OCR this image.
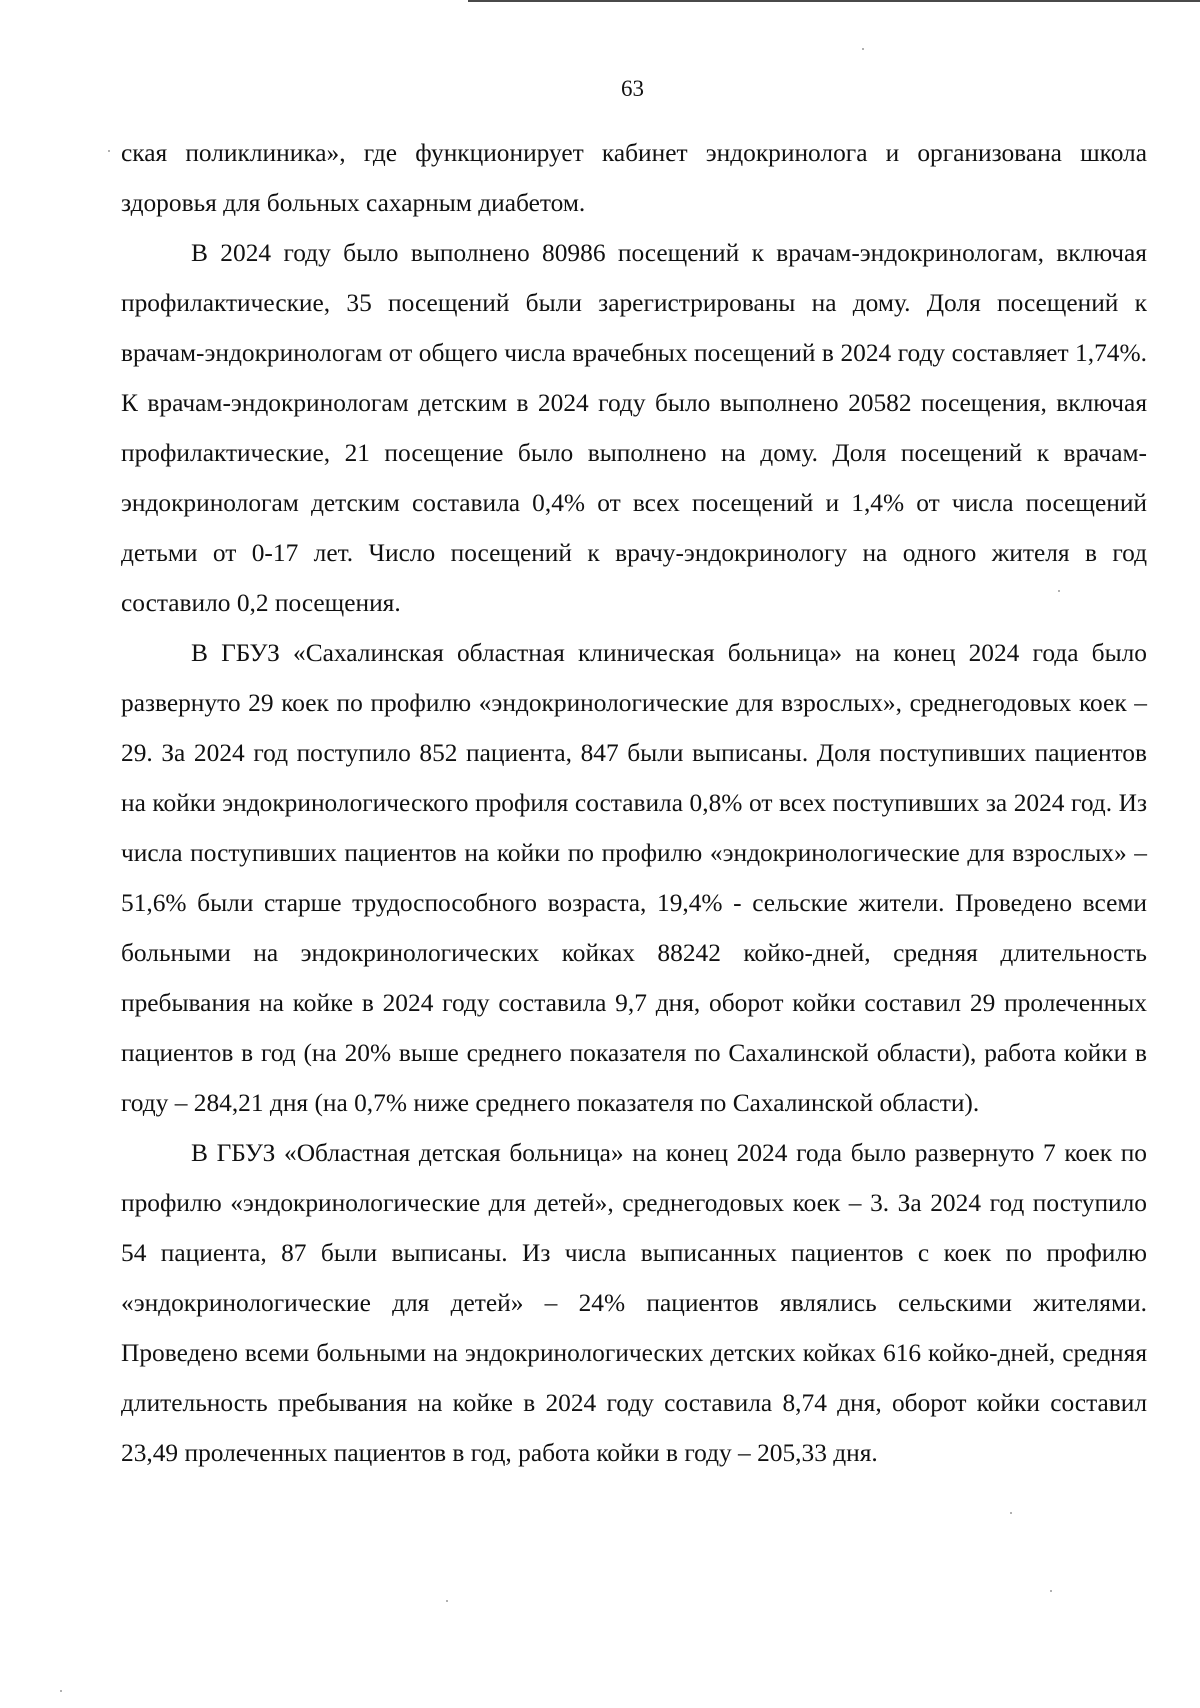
63

ская поликлиника», где функционирует кабинет эндокринолога и организована школа здоровья для больных сахарным диабетом.

В 2024 году было выполнено 80986 посещений к врачам-эндокринологам, включая профилактические, 35 посещений были зарегистрированы на дому. Доля посещений к врачам-эндокринологам от общего числа врачебных посещений в 2024 году составляет 1,74%. К врачам-эндокринологам детским в 2024 году было выполнено 20582 посещения, включая профилактические, 21 посещение было выполнено на дому. Доля посещений к врачам-эндокринологам детским составила 0,4% от всех посещений и 1,4% от числа посещений детьми от 0-17 лет. Число посещений к врачу-эндокринологу на одного жителя в год составило 0,2 посещения.

В ГБУЗ «Сахалинская областная клиническая больница» на конец 2024 года было развернуто 29 коек по профилю «эндокринологические для взрослых», среднегодовых коек – 29. За 2024 год поступило 852 пациента, 847 были выписаны. Доля поступивших пациентов на койки эндокринологического профиля составила 0,8% от всех поступивших за 2024 год. Из числа поступивших пациентов на койки по профилю «эндокринологические для взрослых» – 51,6% были старше трудоспособного возраста, 19,4% - сельские жители. Проведено всеми больными на эндокринологических койках 88242 койко-дней, средняя длительность пребывания на койке в 2024 году составила 9,7 дня, оборот койки составил 29 пролеченных пациентов в год (на 20% выше среднего показателя по Сахалинской области), работа койки в году – 284,21 дня (на 0,7% ниже среднего показателя по Сахалинской области).

В ГБУЗ «Областная детская больница» на конец 2024 года было развернуто 7 коек по профилю «эндокринологические для детей», среднегодовых коек – 3. За 2024 год поступило 54 пациента, 87 были выписаны. Из числа выписанных пациентов с коек по профилю «эндокринологические для детей» – 24% пациентов являлись сельскими жителями. Проведено всеми больными на эндокринологических детских койках 616 койко-дней, средняя длительность пребывания на койке в 2024 году составила 8,74 дня, оборот койки составил 23,49 пролеченных пациентов в год, работа койки в году – 205,33 дня.
